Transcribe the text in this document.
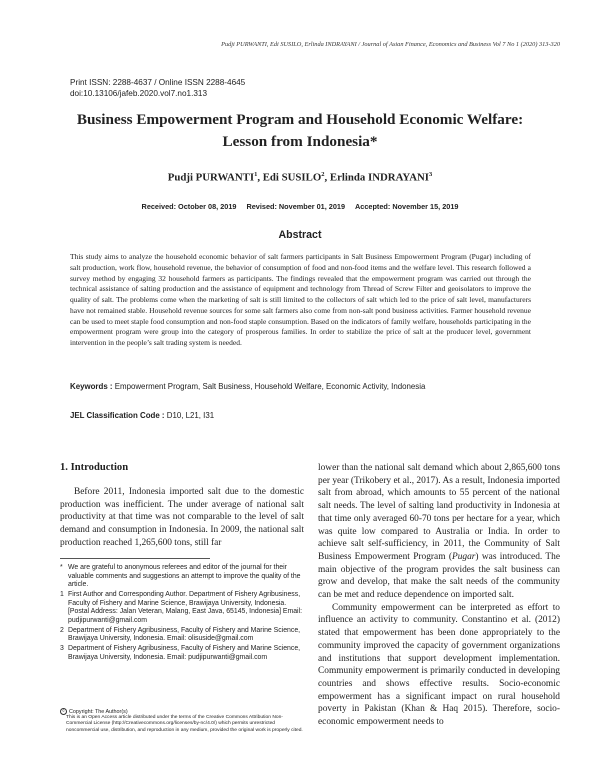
Pudji PURWANTI, Edi SUSILO, Erlinda INDRAYANI / Journal of Asian Finance, Economics and Business Vol 7 No 1 (2020) 313-320
Print ISSN: 2288-4637 / Online ISSN 2288-4645
doi:10.13106/jafeb.2020.vol7.no1.313
Business Empowerment Program and Household Economic Welfare:
Lesson from Indonesia*
Pudji PURWANTI$^1$, Edi SUSILO$^2$, Erlinda INDRAYANI$^3$
Received: October 08, 2019 Revised: November 01, 2019 Accepted: November 15, 2019
Abstract
This study aims to analyze the household economic behavior of salt farmers participants in Salt Business Empowerment Program (Pugar) including of salt production, work flow, household revenue, the behavior of consumption of food and non-food items and the welfare level. This research followed a survey method by engaging 32 household farmers as participants. The findings revealed that the empowerment program was carried out through the technical assistance of salting production and the assistance of equipment and technology from Thread of Screw Filter and geoisolators to improve the quality of salt. The problems come when the marketing of salt is still limited to the collectors of salt which led to the price of salt level, manufacturers have not remained stable. Household revenue sources for some salt farmers also come from non-salt pond business activities. Farmer household revenue can be used to meet staple food consumption and non-food staple consumption. Based on the indicators of family welfare, households participating in the empowerment program were group into the category of prosperous families. In order to stabilize the price of salt at the producer level, government intervention in the people’s salt trading system is needed.
Keywords : Empowerment Program, Salt Business, Household Welfare, Economic Activity, Indonesia
JEL Classification Code : D10, L21, I31
1. Introduction

Before 2011, Indonesia imported salt due to the domestic production was inefficient. The under average of national salt productivity at that time was not comparable to the level of salt demand and consumption in Indonesia. In 2009, the national salt production reached 1,265,600 tons, still far

* We are grateful to anonymous referees and editor of the journal for their valuable comments and suggestions an attempt to improve the quality of the article.
1 First Author and Corresponding Author. Department of Fishery Agribusiness, Faculty of Fishery and Marine Science, Brawijaya University, Indonesia. [Postal Address: Jalan Veteran, Malang, East Java, 65145, Indonesia] Email: pudjipurwanti@gmail.com
2 Department of Fishery Agribusiness, Faculty of Fishery and Marine Science, Brawijaya University, Indonesia. Email: olisuside@gmail.com
3 Department of Fishery Agribusiness, Faculty of Fishery and Marine Science, Brawijaya University, Indonesia. Email: pudjipurwanti@gmail.com
© Copyright: The Author(s)
This is an Open Access article distributed under the terms of the Creative Commons Attribution Non-Commercial License (http://Creativecommons.org/licenses/by-nc/4.0/) which permits unrestricted noncommercial use, distribution, and reproduction in any medium, provided the original work is properly cited.

lower than the national salt demand which about 2,865,600 tons per year (Trikobery et al., 2017). As a result, Indonesia imported salt from abroad, which amounts to 55 percent of the national salt needs. The level of salting land productivity in Indonesia at that time only averaged 60-70 tons per hectare for a year, which was quite low compared to Australia or India. In order to achieve salt self-sufficiency, in 2011, the Community of Salt Business Empowerment Program (Pugar) was introduced. The main objective of the program provides the salt business can grow and develop, that make the salt needs of the community can be met and reduce dependence on imported salt.

Community empowerment can be interpreted as effort to influence an activity to community. Constantino et al. (2012) stated that empowerment has been done appropriately to the community improved the capacity of government organizations and institutions that support development implementation. Community empowerment is primarily conducted in developing countries and shows effective results. Socio-economic empowerment has a significant impact on rural household poverty in Pakistan (Khan & Haq 2015). Therefore, socio-economic empowerment needs to
